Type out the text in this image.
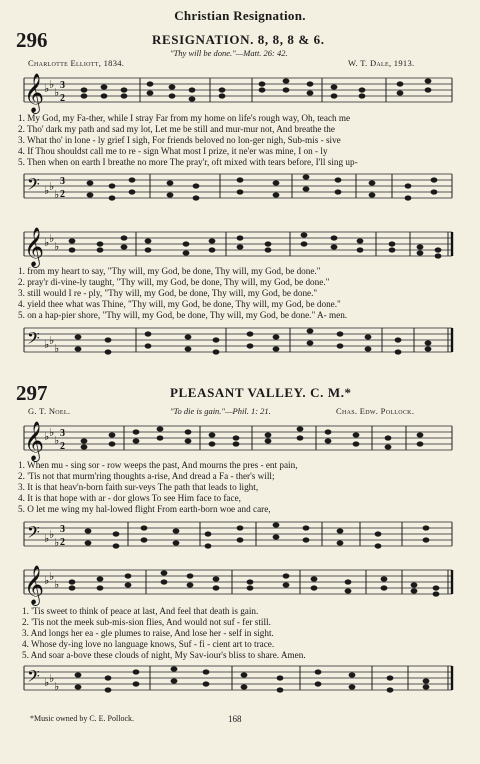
Christian Resignation.
296	RESIGNATION. 8, 8, 8 & 6.
"Thy will be done."—Matt. 26: 42.
Charlotte Elliott, 1834.	W. T. Dale, 1913.
𝄞 ♭ ♭
♭
3
2
1. My God, my Fa-ther, while I stray Far from my home on life's rough way, Oh, teach me
2. Tho' dark my path and sad my lot, Let me be still and mur-mur not, And breathe the
3. What tho' in lone - ly grief I sigh, For friends beloved no lon-ger nigh, Sub-mis - sive
4. If Thou shouldst call me to re - sign What most I prize, it ne'er was mine, I on - ly
5. Then when on earth I breathe no more The pray'r, oft mixed with tears before, I'll sing up-
𝄢 ♭ ♭
♭
3
2
𝄞 ♭ ♭
♭
1. from my heart to say, "Thy will, my God, be done, Thy will, my God, be done."
2. pray'r di-vine-ly taught, "Thy will, my God, be done, Thy will, my God, be done."
3. still would I re - ply, "Thy will, my God, be done, Thy will, my God, be done."
4. yield thee what was Thine, "Thy will, my God, be done, Thy will, my God, be done."
5. on a hap-pier shore, "Thy will, my God, be done, Thy will, my God, be done." A- men.
𝄢 ♭ ♭
♭
297	PLEASANT VALLEY. C. M.*
G. T. Noel.	"To die is gain."—Phil. 1: 21.	Chas. Edw. Pollock.
𝄞 ♭ ♭
♭
3
2
1. When mu - sing sor - row weeps the past, And mourns the pres - ent pain,
2. 'Tis not that murm'ring thoughts a-rise, And dread a Fa - ther's will;
3. It is that heav'n-born faith sur-veys The path that leads to light,
4. It is that hope with ar - dor glows To see Him face to face,
5. O let me wing my hal-lowed flight From earth-born woe and care,
𝄢 ♭ ♭
♭
3
2
𝄞 ♭ ♭
♭
1. 'Tis sweet to think of peace at last, And feel that death is gain.
2. 'Tis not the meek sub-mis-sion flies, And would not suf - fer still.
3. And longs her ea - gle plumes to raise, And lose her - self in sight.
4. Whose dy-ing love no language knows, Suf - fi - cient art to trace.
5. And soar a-bove these clouds of night, My Sav-iour's bliss to share. Amen.
𝄢 ♭ ♭
♭
*Music owned by C. E. Pollock.	168
